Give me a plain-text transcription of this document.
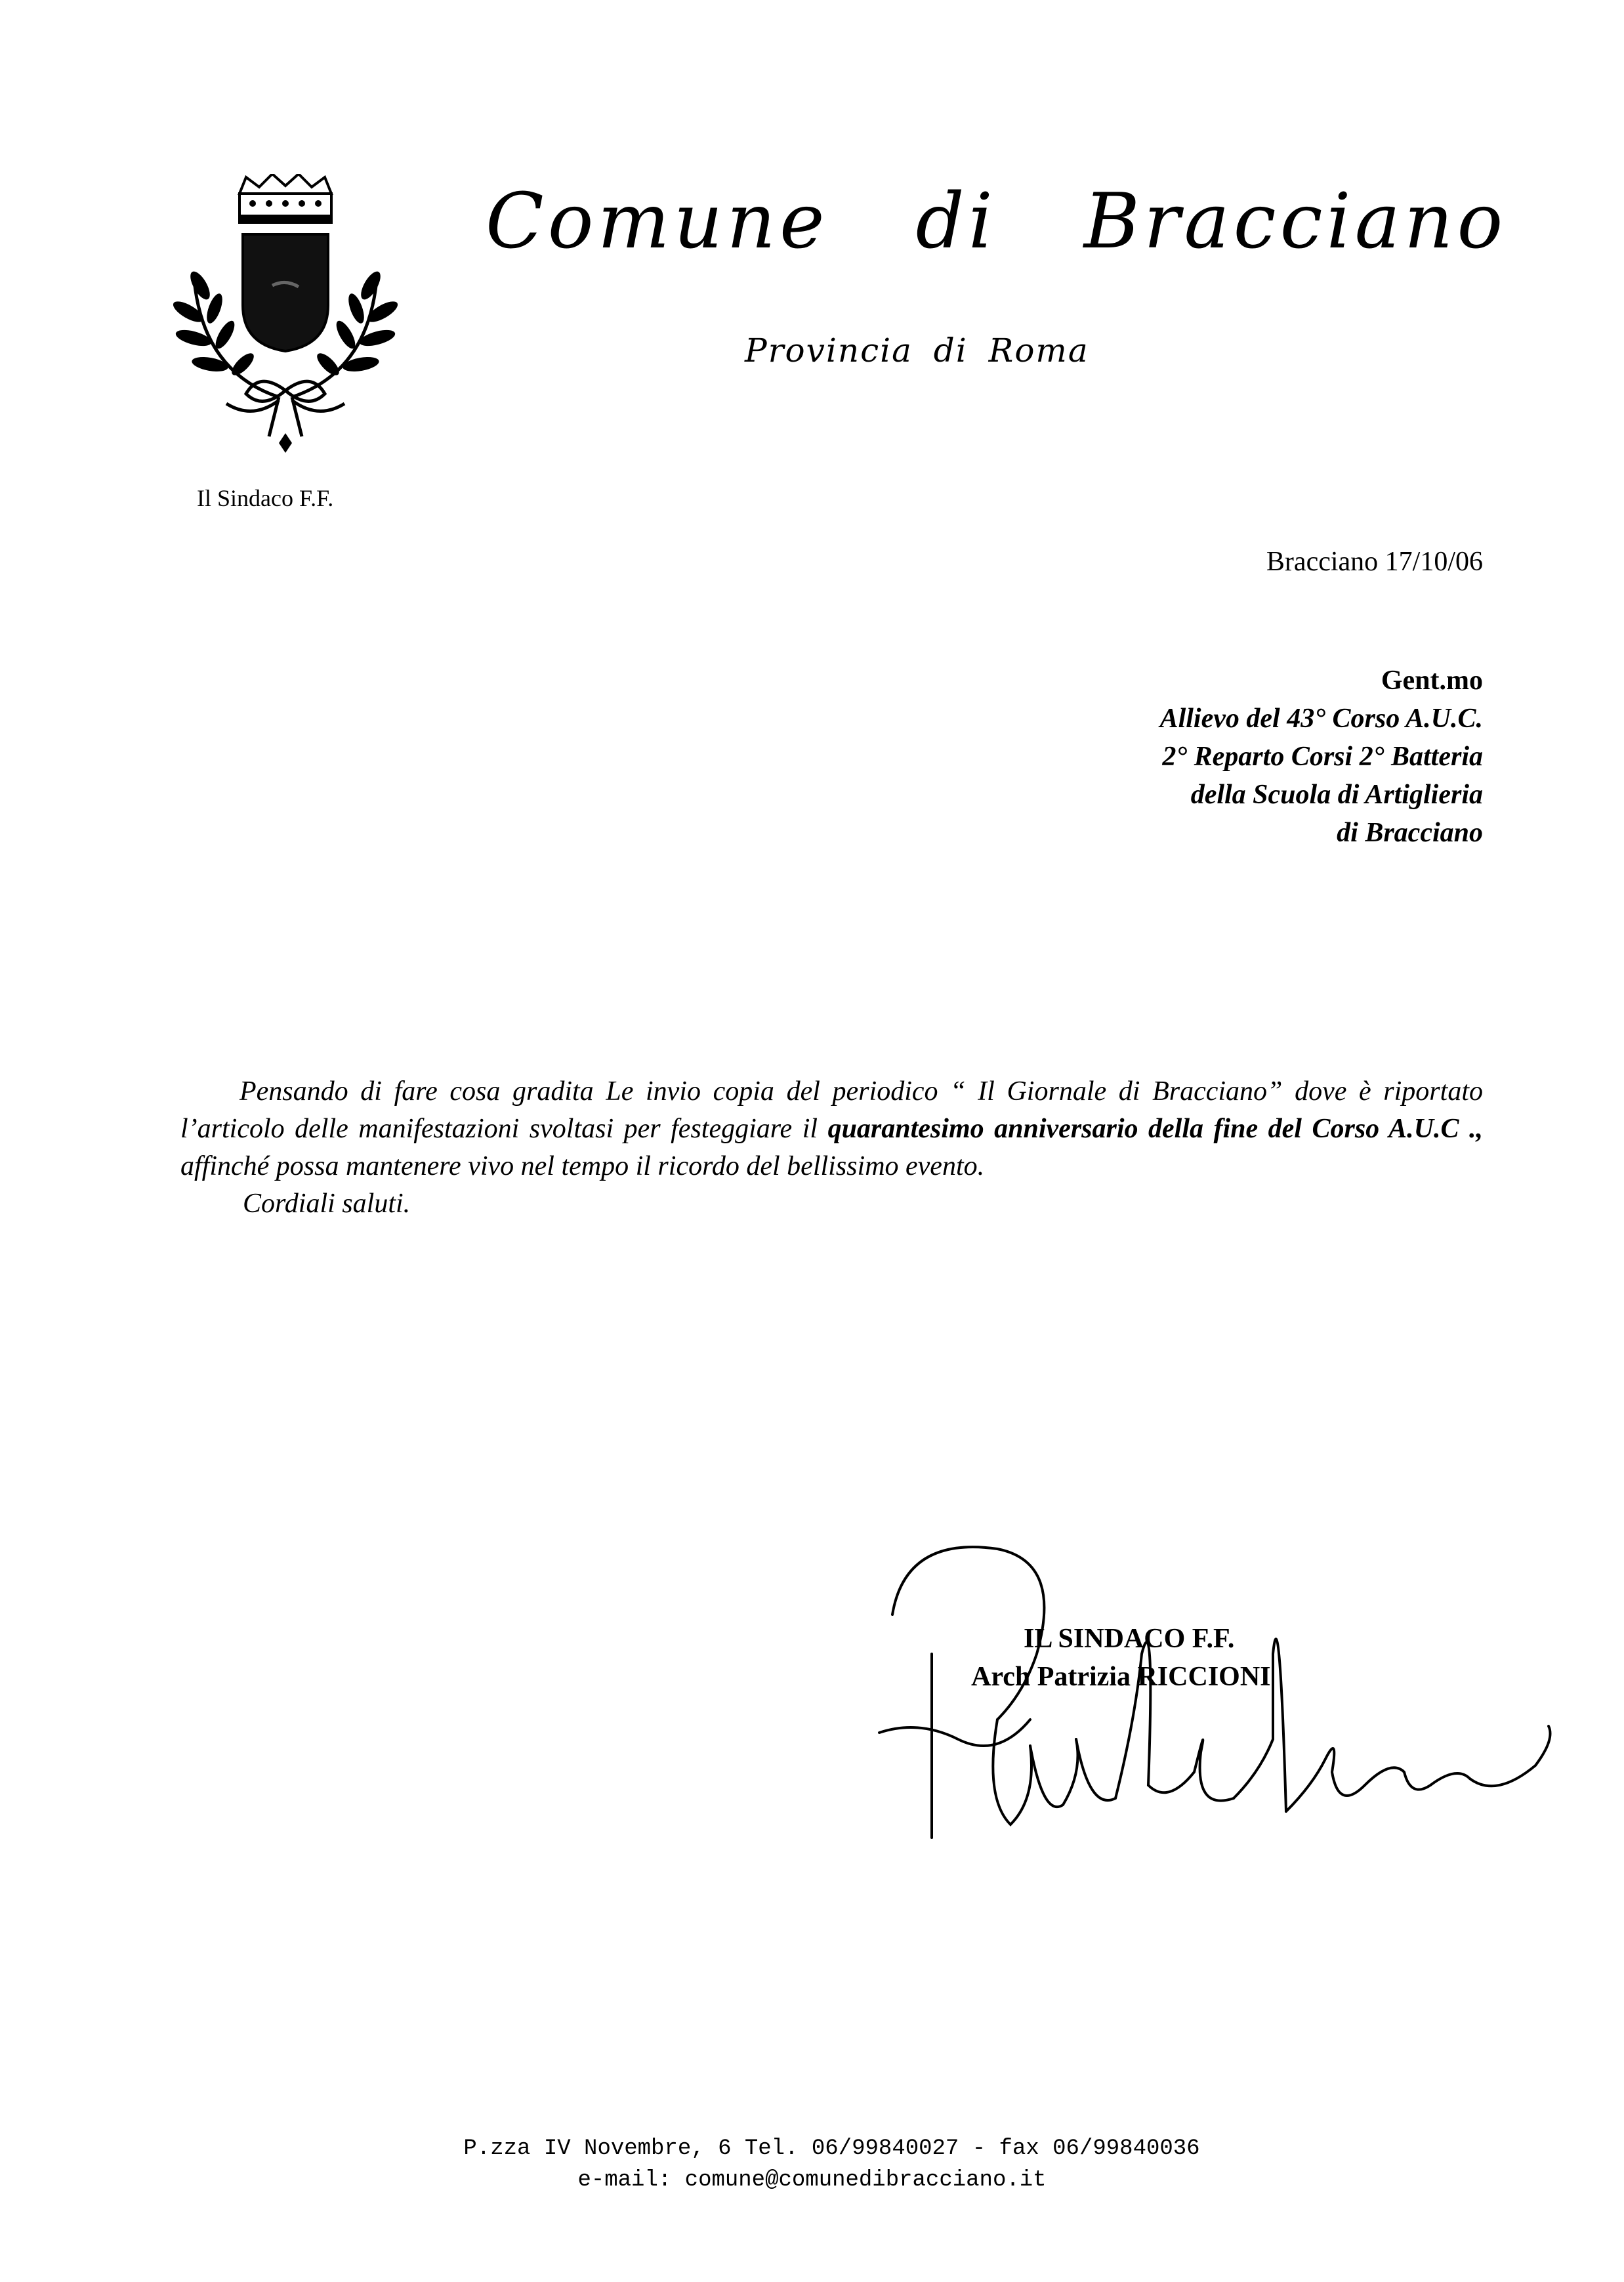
Il Sindaco F.F.
Comune di Bracciano
Provincia di Roma
Bracciano 17/10/06
Gent.mo
Allievo del 43° Corso A.U.C.
2° Reparto Corsi 2° Batteria
della Scuola di Artiglieria
di Bracciano

Pensando di fare cosa gradita Le invio copia del periodico “ Il Giornale di Bracciano” dove è riportato l’articolo delle manifestazioni svoltasi per festeggiare il quarantesimo anniversario della fine del Corso A.U.C ., affinché possa mantenere vivo nel tempo il ricordo del bellissimo evento.

Cordiali saluti.

IL SINDACO F.F.
Arch Patrizia RICCIONI
P.zza IV Novembre, 6 Tel. 06/99840027 - fax 06/99840036
e-mail: comune@comunedibracciano.it
